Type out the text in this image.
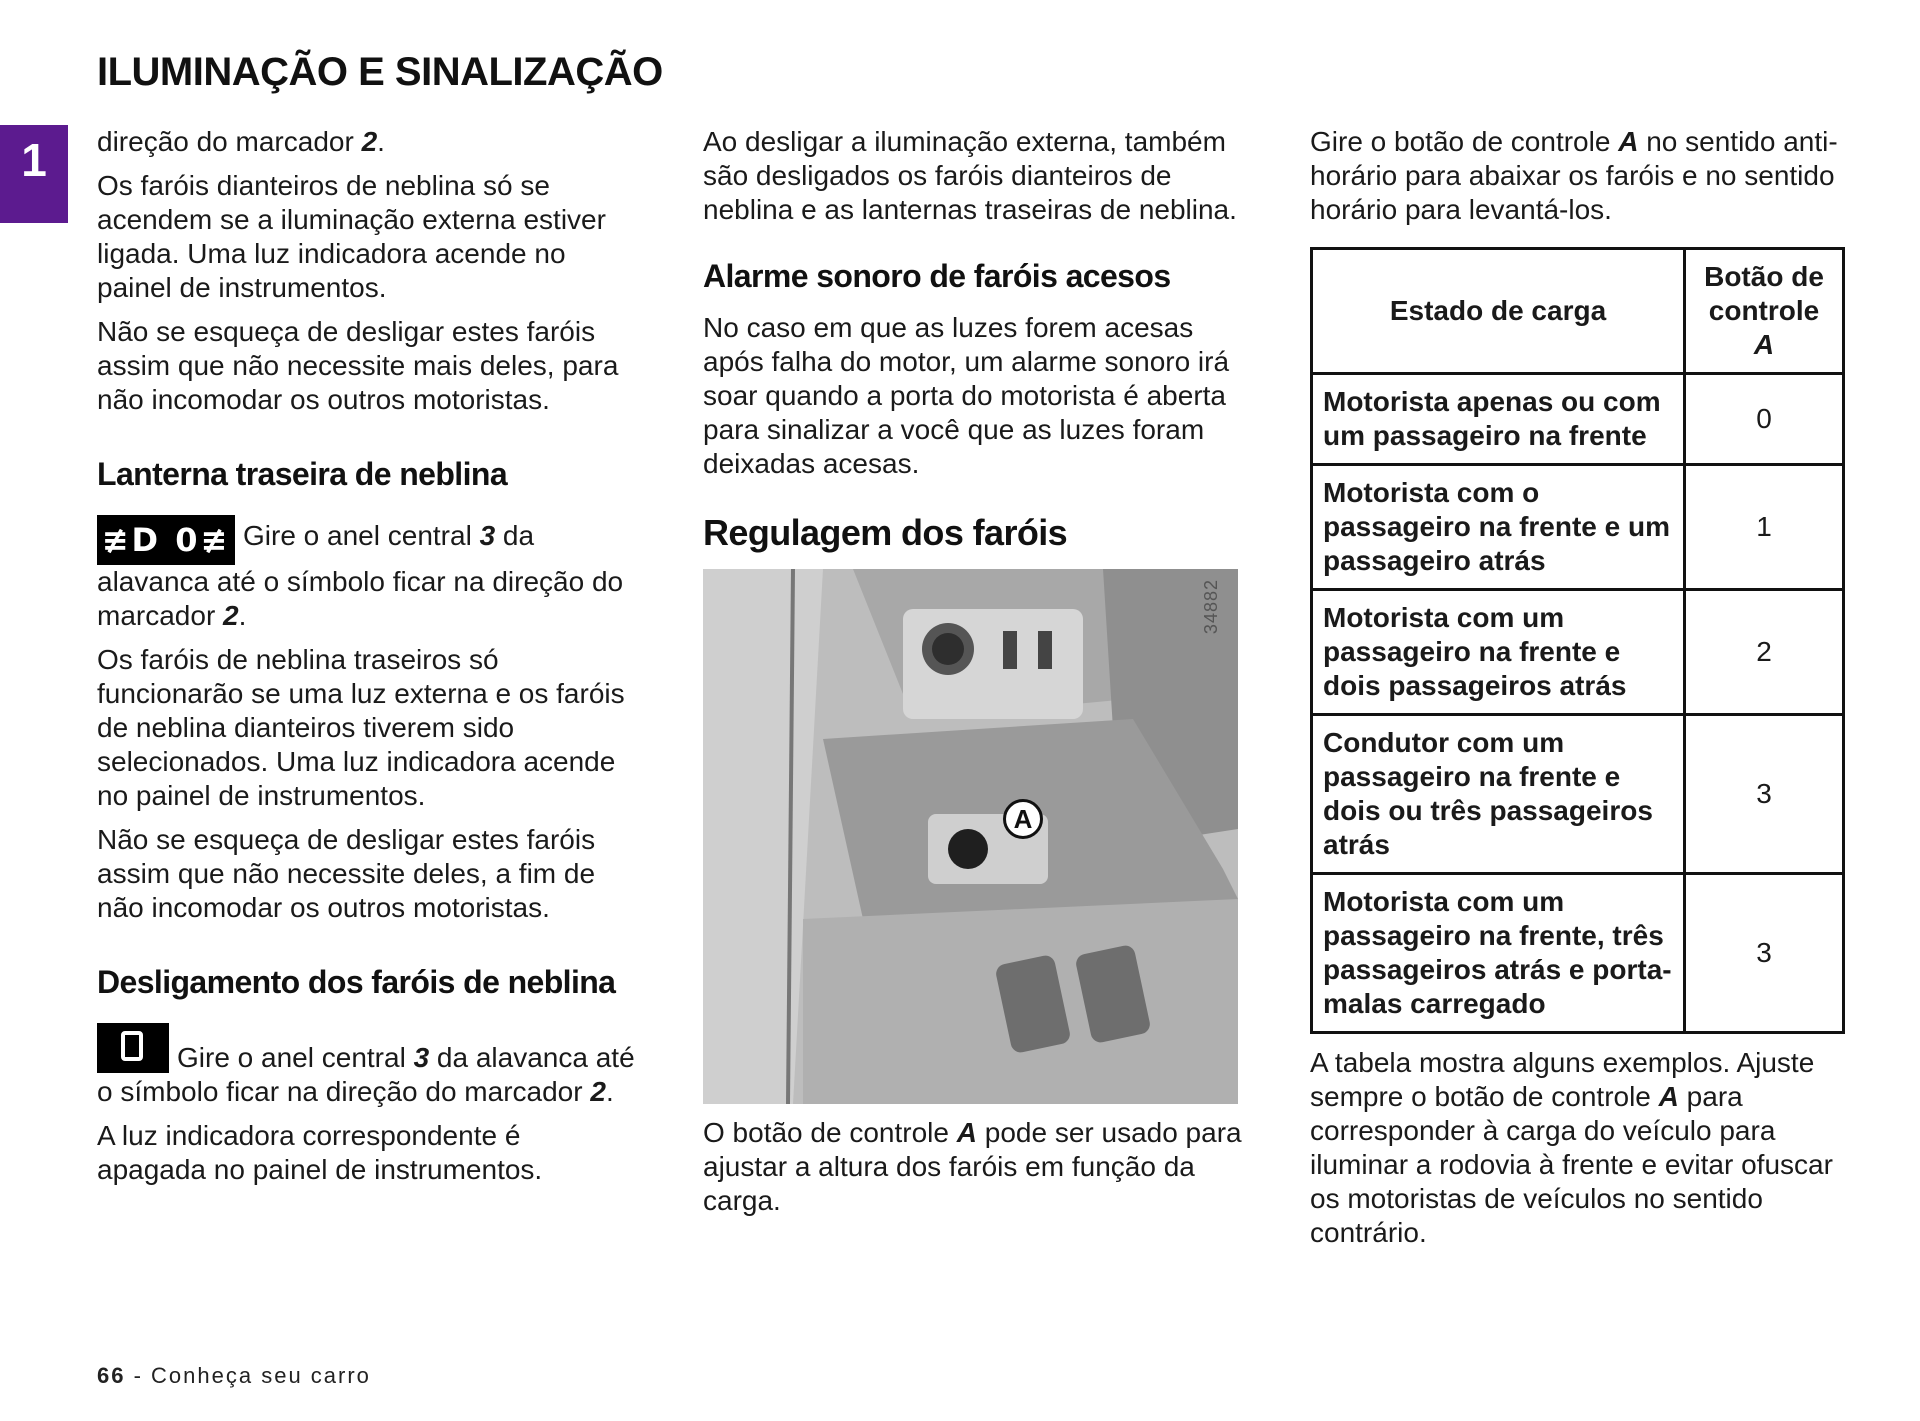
ILUMINAÇÃO E SINALIZAÇÃO
1	direção do marcador 2.

Os faróis dianteiros de neblina só se acendem se a iluminação externa estiver ligada. Uma luz indicadora acende no painel de instrumentos.

Não se esqueça de desligar estes faróis assim que não necessite mais deles, para não incomodar os outros motoristas.

Lanterna traseira de neblina

≢D 0≢ Gire o anel central 3 da alavanca até o símbolo ficar na direção do marcador 2.

Os faróis de neblina traseiros só funcionarão se uma luz externa e os faróis de neblina dianteiros tiverem sido selecionados. Uma luz indicadora acende no painel de instrumentos.

Não se esqueça de desligar estes faróis assim que não necessite deles, a fim de não incomodar os outros motoristas.

Desligamento dos faróis de neblina

Gire o anel central 3 da alavanca até o símbolo ficar na direção do marcador 2.

A luz indicadora correspondente é apagada no painel de instrumentos.

Ao desligar a iluminação externa, também são desligados os faróis dianteiros de neblina e as lanternas traseiras de neblina.

Alarme sonoro de faróis acesos

No caso em que as luzes forem acesas após falha do motor, um alarme sonoro irá soar quando a porta do motorista é aberta para sinalizar a você que as luzes foram deixadas acesas.

Regulagem dos faróis
A
34882

O botão de controle A pode ser usado para ajustar a altura dos faróis em função da carga.

Gire o botão de controle A no sentido anti-horário para abaixar os faróis e no sentido horário para levantá-los.

Estado de carga	Botão de controle
A
Motorista apenas ou com um passageiro na frente	0
Motorista com o passageiro na frente e um passageiro atrás	1
Motorista com um passageiro na frente e dois passageiros atrás	2
Condutor com um passageiro na frente e dois ou três passageiros atrás	3
Motorista com um passageiro na frente, três passageiros atrás e porta-malas carregado	3

A tabela mostra alguns exemplos. Ajuste sempre o botão de controle A para corresponder à carga do veículo para iluminar a rodovia à frente e evitar ofuscar os motoristas de veículos no sentido contrário.

66 - Conheça seu carro
